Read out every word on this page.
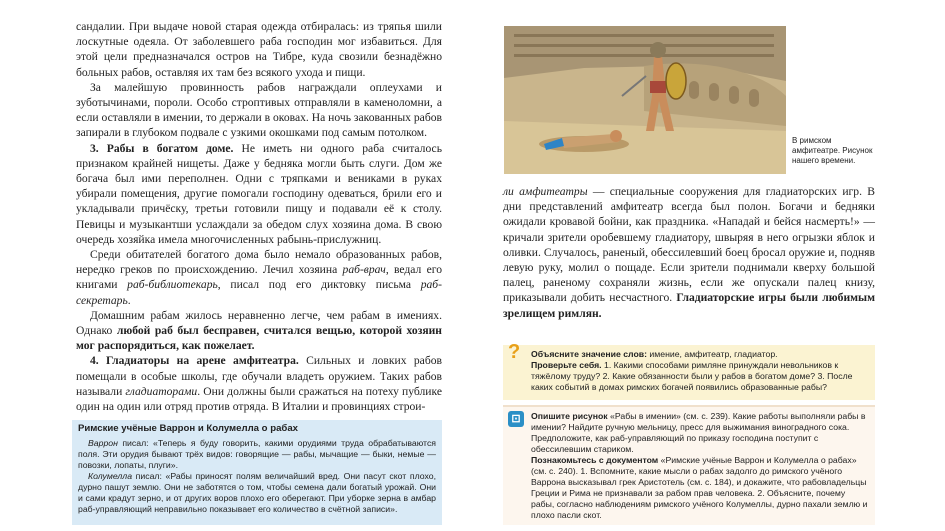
сандалии. При выдаче новой старая одежда отбиралась: из тряпья шили лоскутные одеяла. От заболевшего раба господин мог избавиться. Для этой цели предназначался остров на Тибре, куда свозили безнадёжно больных рабов, оставляя их там без всякого ухода и пищи.

За малейшую провинность рабов награждали оплеухами и зуботычинами, пороли. Особо строптивых отправляли в каменоломни, а если оставляли в имении, то держали в оковах. На ночь закованных рабов запирали в глубоком подвале с узкими окошками под самым потолком.

3. Рабы в богатом доме. Не иметь ни одного раба считалось признаком крайней нищеты. Даже у бедняка могли быть слуги. Дом же богача был ими переполнен. Одни с тряпками и вениками в руках убирали помещения, другие помогали господину одеваться, брили его и укладывали причёску, третьи готовили пищу и подавали её к столу. Певицы и музыкантши услаждали за обедом слух хозяина дома. В свою очередь хозяйка имела многочисленных рабынь-прислужниц.

Среди обитателей богатого дома было немало образованных рабов, нередко греков по происхождению. Лечил хозяина раб-врач, ведал его книгами раб-библиотекарь, писал под его диктовку письма раб-секретарь.

Домашним рабам жилось неравненно легче, чем рабам в имениях. Однако любой раб был бесправен, считался вещью, которой хозяин мог распорядиться, как пожелает.

4. Гладиаторы на арене амфитеатра. Сильных и ловких рабов помещали в особые школы, где обучали владеть оружием. Таких рабов называли гладиаторами. Они должны были сражаться на потеху публике один на один или отряд против отряда. В Италии и провинциях строи-

Римские учёные Варрон и Колумелла о рабах

Варрон писал: «Теперь я буду говорить, какими орудиями труда обрабатываются поля. Эти орудия бывают трёх видов: говорящие — рабы, мычащие — быки, немые — повозки, лопаты, плуги».

Колумелла писал: «Рабы приносят полям величайший вред. Они пасут скот плохо, дурно пашут землю. Они не заботятся о том, чтобы семена дали богатый урожай. Они и сами крадут зерно, и от других воров плохо его оберегают. При уборке зерна в амбар раб-управляющий неправильно показывает его количество в счётной записи».

В римском амфитеатре. Рисунок нашего времени.

ли амфитеатры — специальные сооружения для гладиаторских игр. В дни представлений амфитеатр всегда был полон. Богачи и бедняки ожидали кровавой бойни, как праздника. «Нападай и бейся насмерть!» — кричали зрители оробевшему гладиатору, швыряя в него огрызки яблок и оливки. Случалось, раненый, обессилевший боец бросал оружие и, подняв левую руку, молил о пощаде. Если зрители поднимали кверху большой палец, раненому сохраняли жизнь, если же опускали палец книзу, приказывали добить несчастного. Гладиаторские игры были любимым зрелищем римлян.

? Объясните значение слов: имение, амфитеатр, гладиатор.
Проверьте себя. 1. Какими способами римляне принуждали невольников к тяжёлому труду? 2. Какие обязанности были у рабов в богатом доме? 3. После каких событий в домах римских богачей появились образованные рабы?
⊡	Опишите рисунок «Рабы в имении» (см. с. 239). Какие работы выполняли рабы в имении? Найдите ручную мельницу, пресс для выжимания виноградного сока. Предположите, как раб-управляющий по приказу господина поступит с обессилевшим стариком.
Познакомьтесь с документом «Римские учёные Варрон и Колумелла о рабах» (см. с. 240). 1. Вспомните, какие мысли о рабах задолго до римского учёного Варрона высказывал грек Аристотель (см. с. 184), и докажите, что рабовладельцы Греции и Рима не признавали за рабом прав человека. 2. Объясните, почему рабы, согласно наблюдениям римского учёного Колумеллы, дурно пахали землю и плохо пасли скот.
